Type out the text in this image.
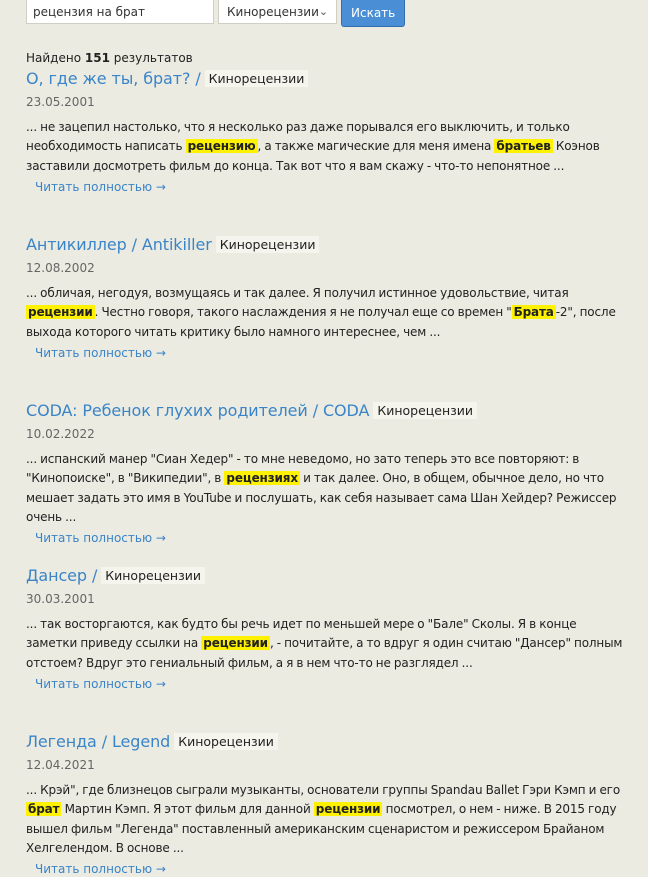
рецензия на брат
Кинорецензии ⌄	Искать
Найдено 151 результатов
О, где же ты, брат? / Кинорецензии
23.05.2001
... не зацепил настолько, что я несколько раз даже порывался его выключить, и только необходимость написать рецензию , а также магические для меня имена братьев Коэнов заставили досмотреть фильм до конца. Так вот что я вам скажу - что-то непонятное ...
Читать полностью →
Антикиллер / Antikiller Кинорецензии
12.08.2002
... обличая, негодуя, возмущаясь и так далее. Я получил истинное удовольствие, читая рецензии . Честно говоря, такого наслаждения я не получал еще со времен " Брата -2", после выхода которого читать критику было намного интереснее, чем ...
Читать полностью →
CODA: Ребенок глухих родителей / CODA Кинорецензии
10.02.2022
... испанский манер "Сиан Хедер" - то мне неведомо, но зато теперь это все повторяют: в "Кинопоиске", в "Википедии", в рецензиях и так далее. Оно, в общем, обычное дело, но что мешает задать это имя в YouTube и послушать, как себя называет сама Шан Хейдер? Режиссер очень ...
Читать полностью →
Дансер / Кинорецензии
30.03.2001
... так восторгаются, как будто бы речь идет по меньшей мере о "Бале" Сколы. Я в конце заметки приведу ссылки на рецензии , - почитайте, а то вдруг я один считаю "Дансер" полным отстоем? Вдруг это гениальный фильм, а я в нем что-то не разглядел ...
Читать полностью →
Легенда / Legend Кинорецензии
12.04.2021
... Крэй", где близнецов сыграли музыканты, основатели группы Spandau Ballet Гэри Кэмп и его брат Мартин Кэмп. Я этот фильм для данной рецензии посмотрел, о нем - ниже. В 2015 году вышел фильм "Легенда" поставленный американским сценаристом и режиссером Брайаном Хелгелендом. В основе ...
Читать полностью →
